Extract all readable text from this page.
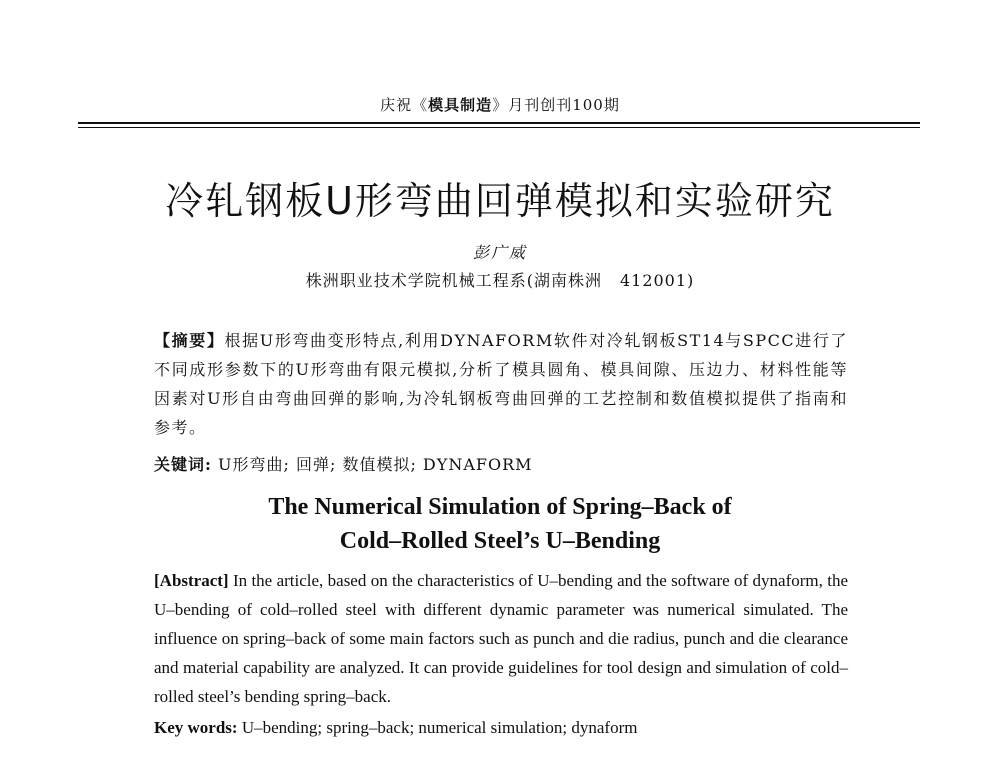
庆祝《模具制造》月刊创刊100期
冷轧钢板U形弯曲回弹模拟和实验研究
彭广威
株洲职业技术学院机械工程系(湖南株洲 412001)
【摘要】根据U形弯曲变形特点,利用DYNAFORM软件对冷轧钢板ST14与SPCC进行了不同成形参数下的U形弯曲有限元模拟,分析了模具圆角、模具间隙、压边力、材料性能等因素对U形自由弯曲回弹的影响,为冷轧钢板弯曲回弹的工艺控制和数值模拟提供了指南和参考。
关键词: U形弯曲; 回弹; 数值模拟; DYNAFORM
The Numerical Simulation of Spring–Back of
Cold–Rolled Steel’s U–Bending
[Abstract] In the article, based on the characteristics of U–bending and the software of dynaform, the U–bending of cold–rolled steel with different dynamic parameter was numerical simulated. The influence on spring–back of some main factors such as punch and die radius, punch and die clearance and material capability are analyzed. It can provide guidelines for tool design and simulation of cold–rolled steel’s bending spring–back.
Key words: U–bending; spring–back; numerical simulation; dynaform
